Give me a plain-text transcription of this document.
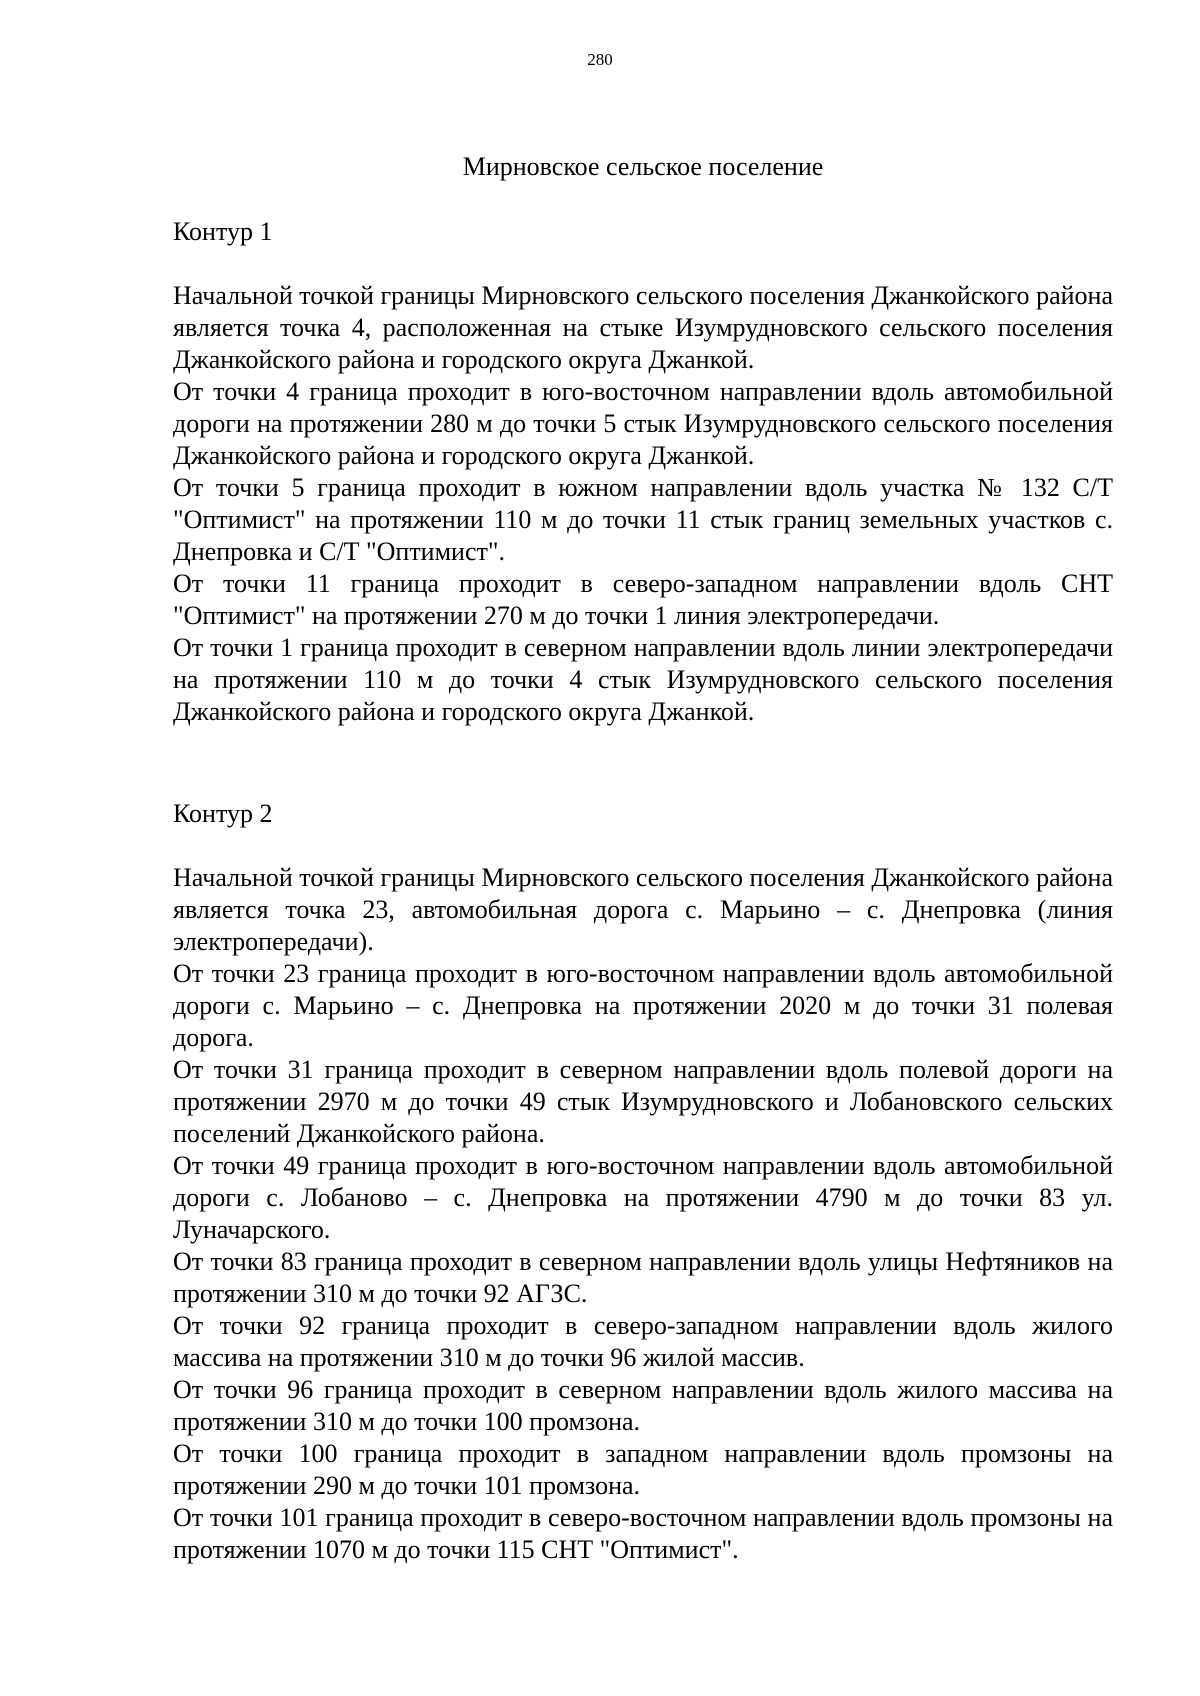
280
Мирновское сельское поселение

Контур 1

Начальной точкой границы Мирновского сельского поселения Джанкойского района является точка 4, расположенная на стыке Изумрудновского сельского поселения Джанкойского района и городского округа Джанкой.

От точки 4 граница проходит в юго-восточном направлении вдоль автомобильной дороги на протяжении 280 м до точки 5 стык Изумрудновского сельского поселения Джанкойского района и городского округа Джанкой.

От точки 5 граница проходит в южном направлении вдоль участка № 132 С/Т "Оптимист" на протяжении 110 м до точки 11 стык границ земельных участков с. Днепровка и С/Т "Оптимист".

От точки 11 граница проходит в северо-западном направлении вдоль СНТ "Оптимист" на протяжении 270 м до точки 1 линия электропередачи.

От точки 1 граница проходит в северном направлении вдоль линии электропередачи на протяжении 110 м до точки 4 стык Изумрудновского сельского поселения Джанкойского района и городского округа Джанкой.

Контур 2

Начальной точкой границы Мирновского сельского поселения Джанкойского района является точка 23, автомобильная дорога с. Марьино – с. Днепровка (линия электропередачи).

От точки 23 граница проходит в юго-восточном направлении вдоль автомобильной дороги с. Марьино – с. Днепровка на протяжении 2020 м до точки 31 полевая дорога.

От точки 31 граница проходит в северном направлении вдоль полевой дороги на протяжении 2970 м до точки 49 стык Изумрудновского и Лобановского сельских поселений Джанкойского района.

От точки 49 граница проходит в юго-восточном направлении вдоль автомобильной дороги с. Лобаново – с. Днепровка на протяжении 4790 м до точки 83 ул. Луначарского.

От точки 83 граница проходит в северном направлении вдоль улицы Нефтяников на протяжении 310 м до точки 92 АГЗС.

От точки 92 граница проходит в северо-западном направлении вдоль жилого массива на протяжении 310 м до точки 96 жилой массив.

От точки 96 граница проходит в северном направлении вдоль жилого массива на протяжении 310 м до точки 100 промзона.

От точки 100 граница проходит в западном направлении вдоль промзоны на протяжении 290 м до точки 101 промзона.

От точки 101 граница проходит в северо-восточном направлении вдоль промзоны на протяжении 1070 м до точки 115 СНТ "Оптимист".
